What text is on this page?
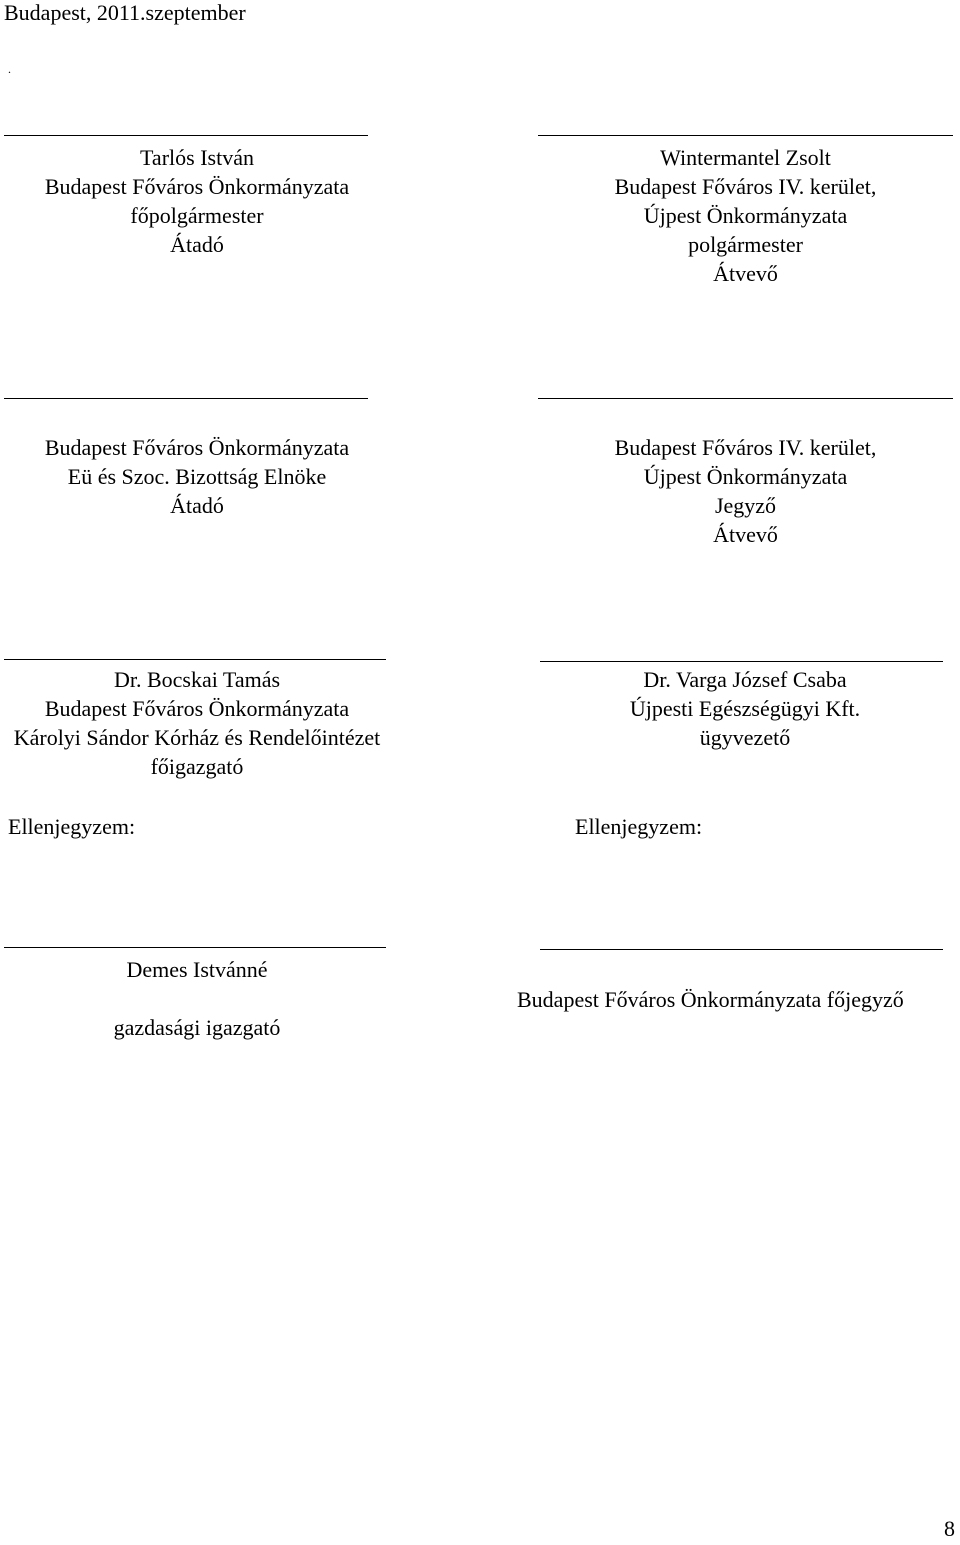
Budapest, 2011.szeptember
.
Tarlós István
Budapest Főváros Önkormányzata
főpolgármester
Átadó
Wintermantel Zsolt
Budapest Főváros IV. kerület,
Újpest Önkormányzata
polgármester
Átvevő
Budapest Főváros Önkormányzata
Eü és Szoc. Bizottság Elnöke
Átadó
Budapest Főváros IV. kerület,
Újpest Önkormányzata
Jegyző
Átvevő
Dr. Bocskai Tamás
Budapest Főváros Önkormányzata
Károlyi Sándor Kórház és Rendelőintézet
főigazgató
Ellenjegyzem:
Dr. Varga József Csaba
Újpesti Egészségügyi Kft.
ügyvezető
Ellenjegyzem:
Demes Istvánné
gazdasági igazgató
Budapest Főváros Önkormányzata főjegyző
8
